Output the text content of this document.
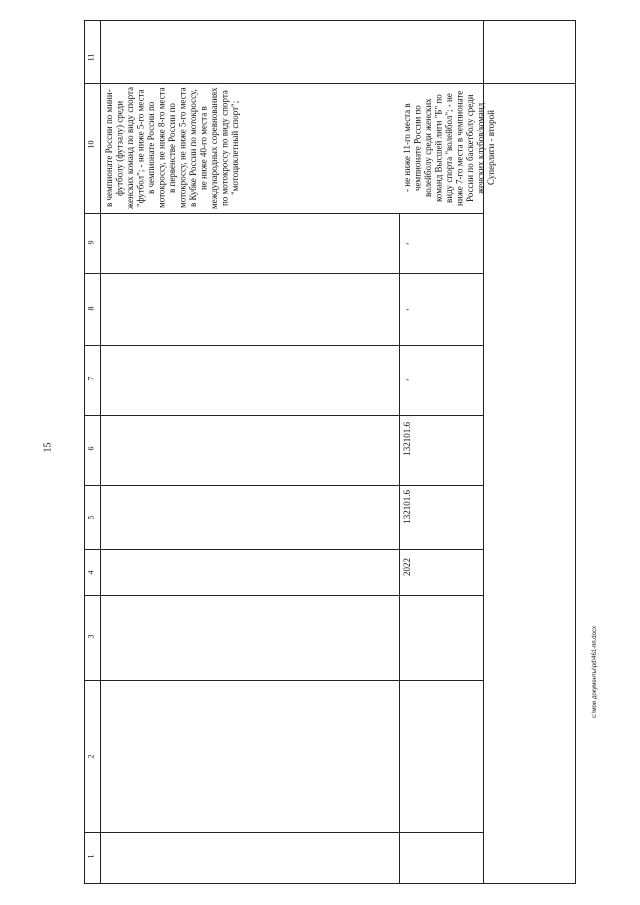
15
c:\мои документы\pd\461-пп.docx
11
10
9
8
7
6
5
4
3
2
1
в чемпионате России по мини-футболу (футзалу) среди женских команд по виду спорта "футбол"; - не ниже 5-го места в чемпионате России по мотокроссу, не ниже 8-го места в первенстве России по мотокроссу, не ниже 5-го места в Кубке России по мотокроссу, не ниже 40-го места в международных соревнованиях по мотокроссу по виду спорта "мотоциклетный спорт";
2022
132101.6
132101.6
-
-
-
- не ниже 11-го места в чемпионате России по волейболу среди женских команд Высшей лиги "Б" по виду спорта "волейбол"; - не ниже 7-го места в чемпионате России по баскетболу среди женских клубов/команд Суперлиги - второй
